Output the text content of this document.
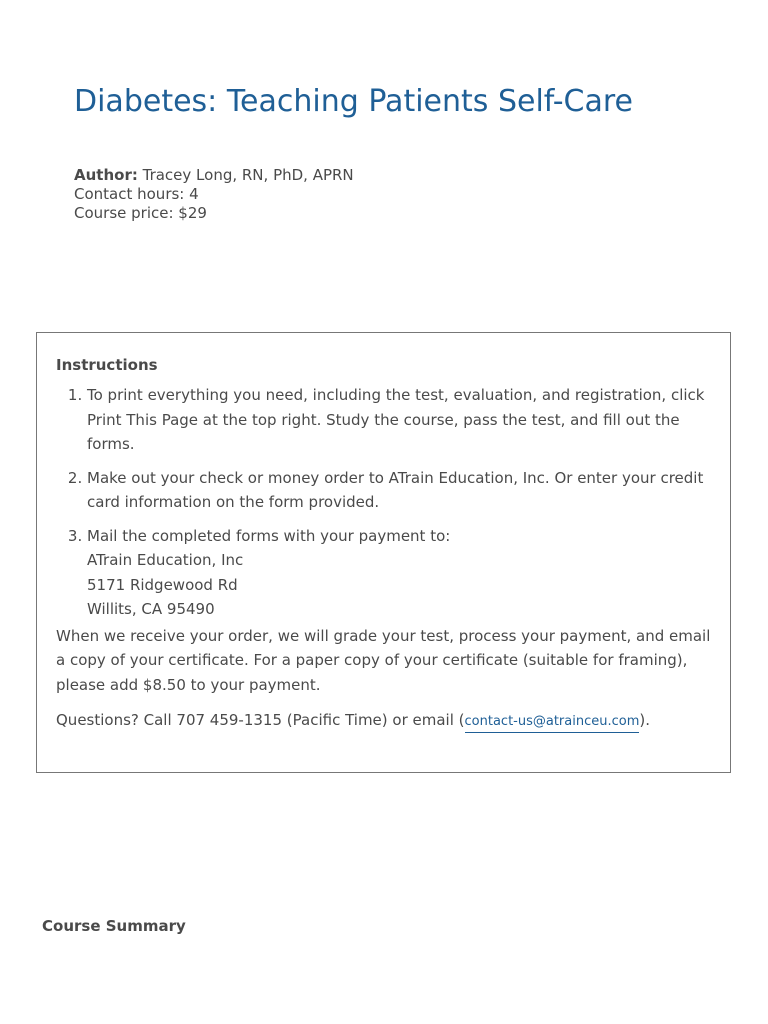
Diabetes: Teaching Patients Self-Care
Author: Tracey Long, RN, PhD, APRN
Contact hours: 4
Course price: $29
Instructions
1. To print everything you need, including the test, evaluation, and registration, click Print This Page at the top right. Study the course, pass the test, and fill out the forms.
2. Make out your check or money order to ATrain Education, Inc. Or enter your credit card information on the form provided.
3. Mail the completed forms with your payment to:
ATrain Education, Inc
5171 Ridgewood Rd
Willits, CA 95490

When we receive your order, we will grade your test, process your payment, and email a copy of your certificate. For a paper copy of your certificate (suitable for framing), please add $8.50 to your payment.

Questions? Call 707 459-1315 (Pacific Time) or email (contact-us@atrainceu.com).

Course Summary
